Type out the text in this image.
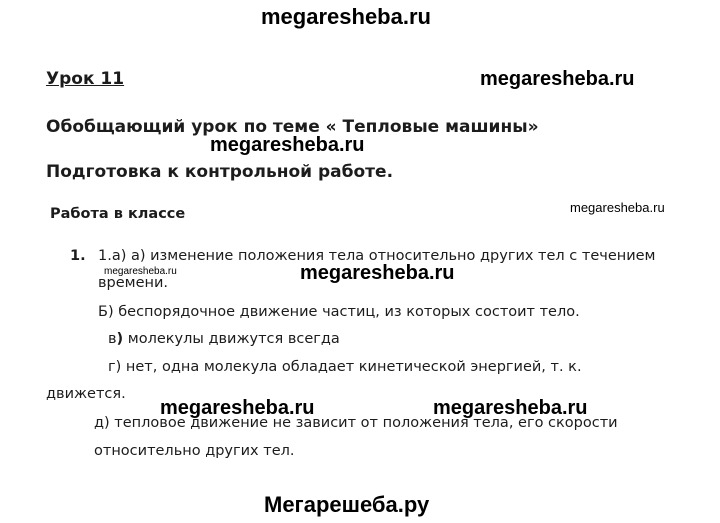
megaresheba.ru
Урок 11	megaresheba.ru
Обобщающий урок по теме « Тепловые машины»
megaresheba.ru
Подготовка к контрольной работе.
Работа в классе	megaresheba.ru
1. 1.а) а) изменение положения тела относительно других тел с течением
megaresheba.ru	megaresheba.ru
времени.
Б) беспорядочное движение частиц, из которых состоит тело.
в) молекулы движутся всегда
г) нет, одна молекула обладает кинетической энергией, т. к.
движется.
megaresheba.ru	megaresheba.ru
д) тепловое движение не зависит от положения тела, его скорости
относительно других тел.
Мегарешеба.ру
